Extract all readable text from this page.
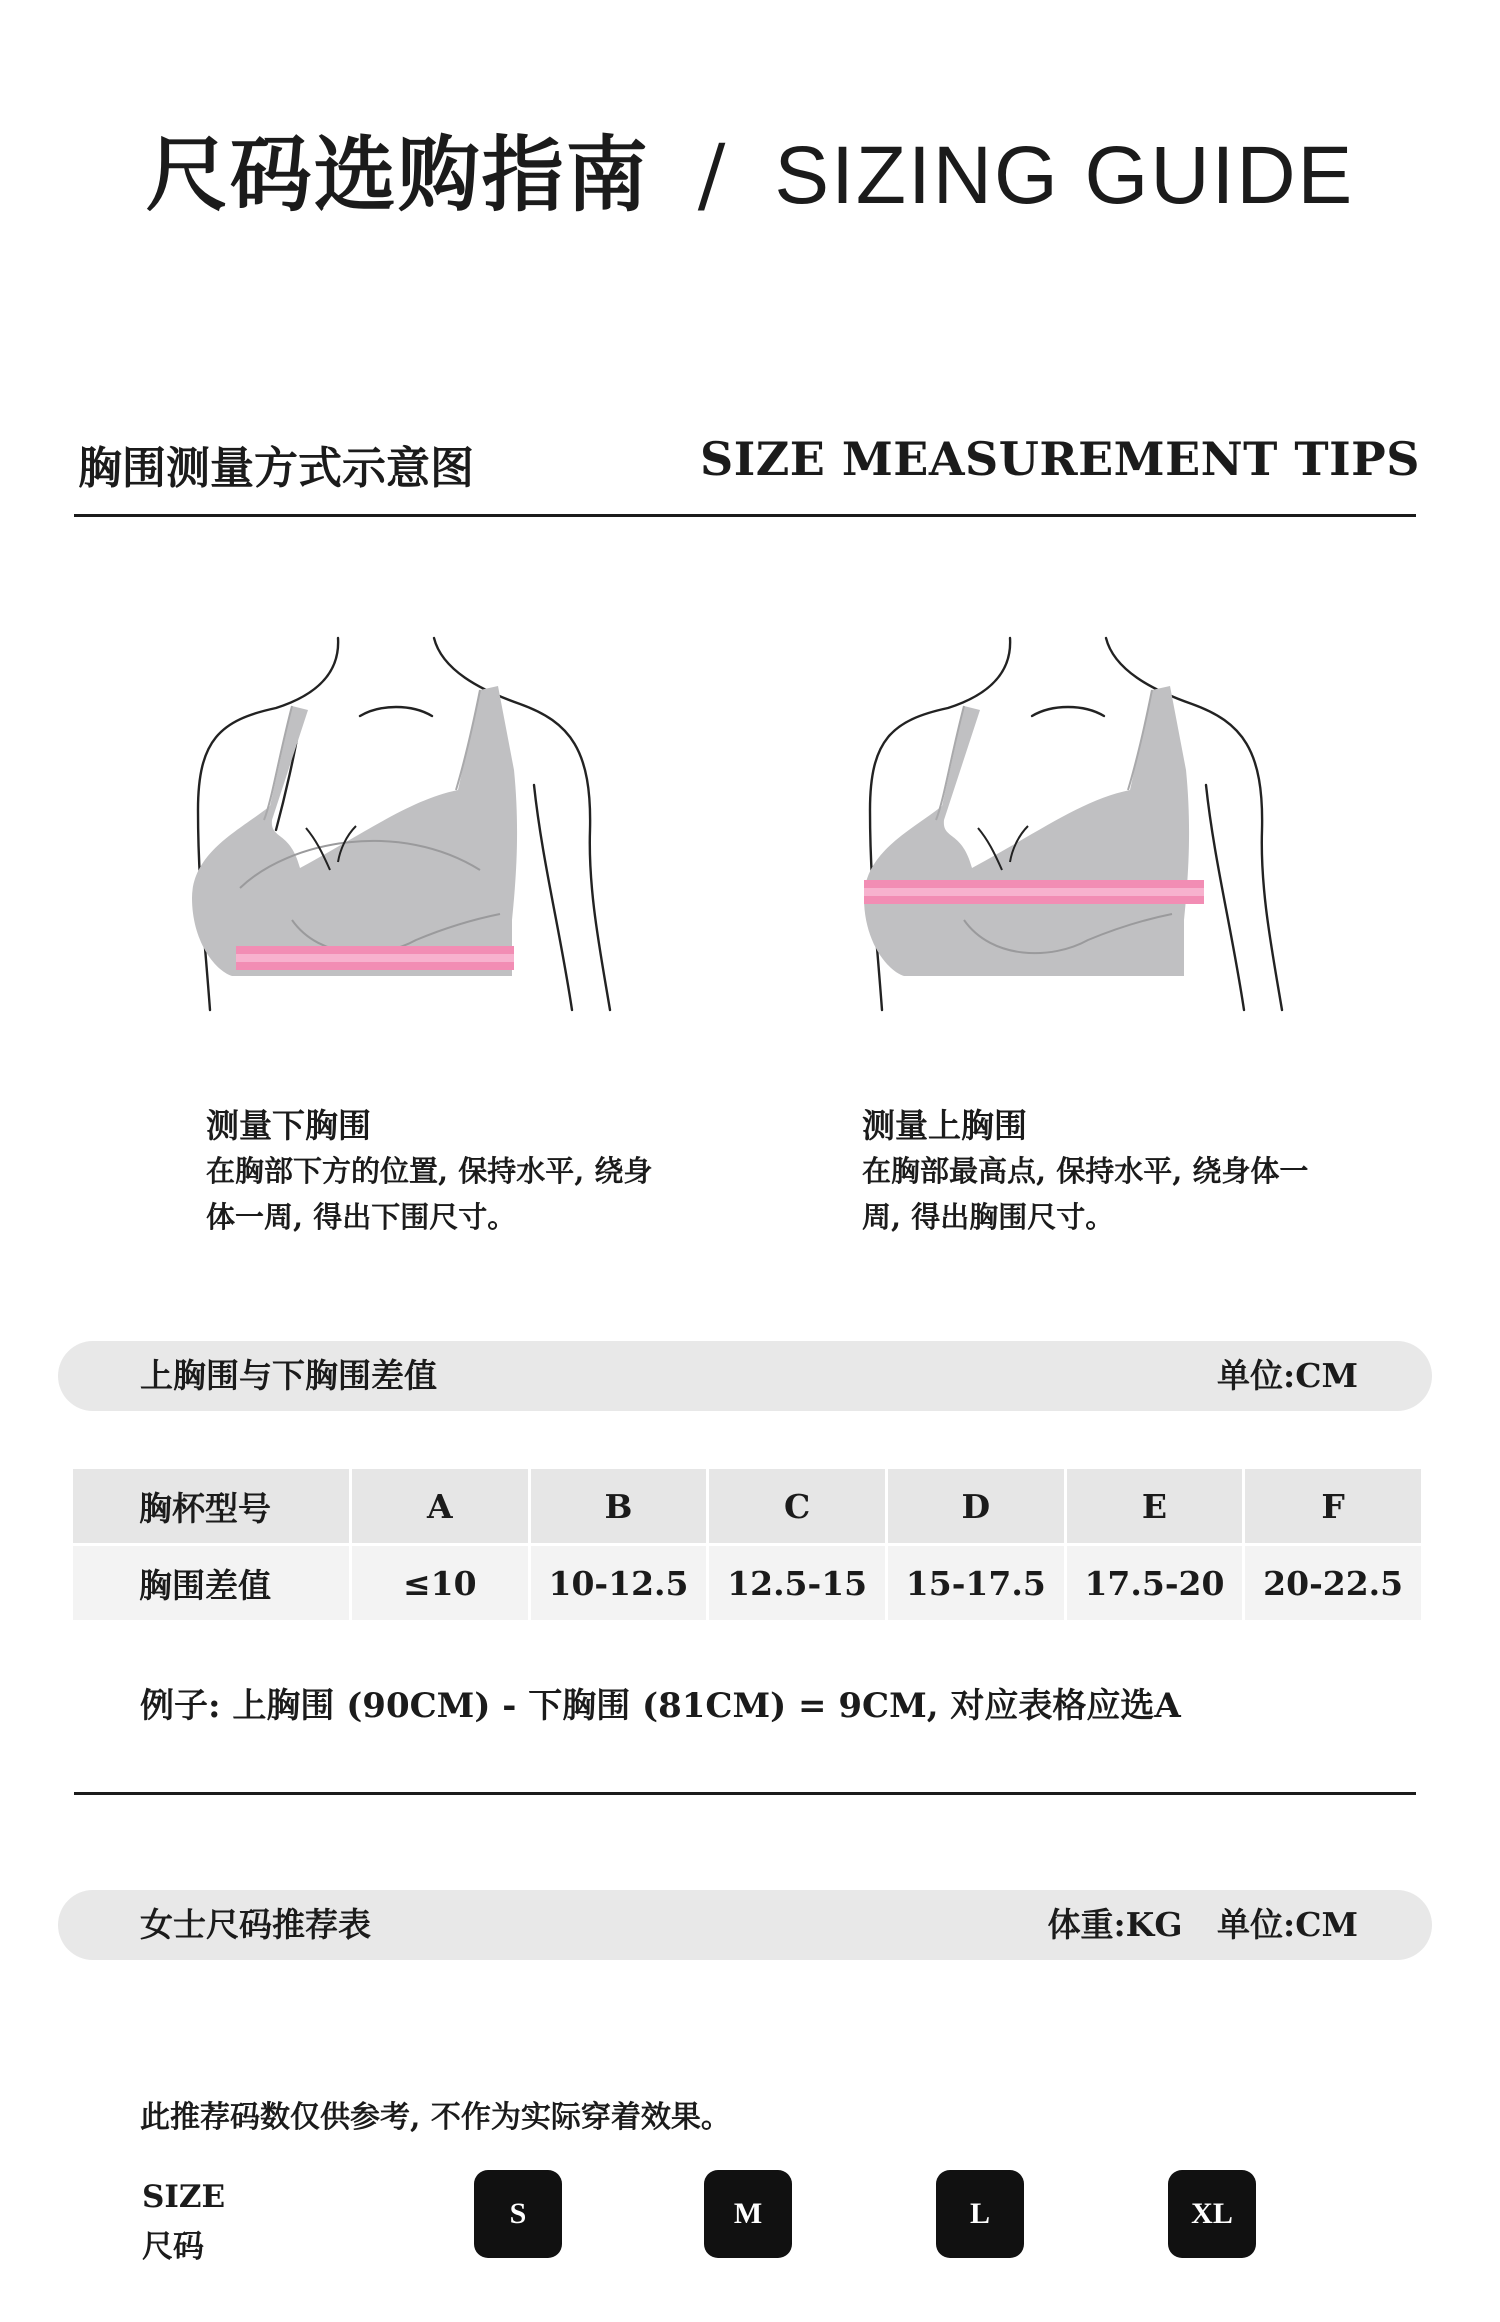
尺码选购指南 / SIZING GUIDE
胸围测量方式示意图	SIZE MEASUREMENT TIPS
测量下胸围
在胸部下方的位置, 保持水平, 绕身体一周, 得出下围尺寸。
测量上胸围
在胸部最高点, 保持水平, 绕身体一周, 得出胸围尺寸。
上胸围与下胸围差值	单位:CM
胸杯型号	A	B	C	D	E	F
胸围差值	≤10	10-12.5	12.5-15	15-17.5	17.5-20	20-22.5
例子: 上胸围 (90CM) - 下胸围 (81CM) = 9CM, 对应表格应选A
女士尺码推荐表	体重:KG 单位:CM
此推荐码数仅供参考, 不作为实际穿着效果。
SIZE
尺码
S	M	L	XL
